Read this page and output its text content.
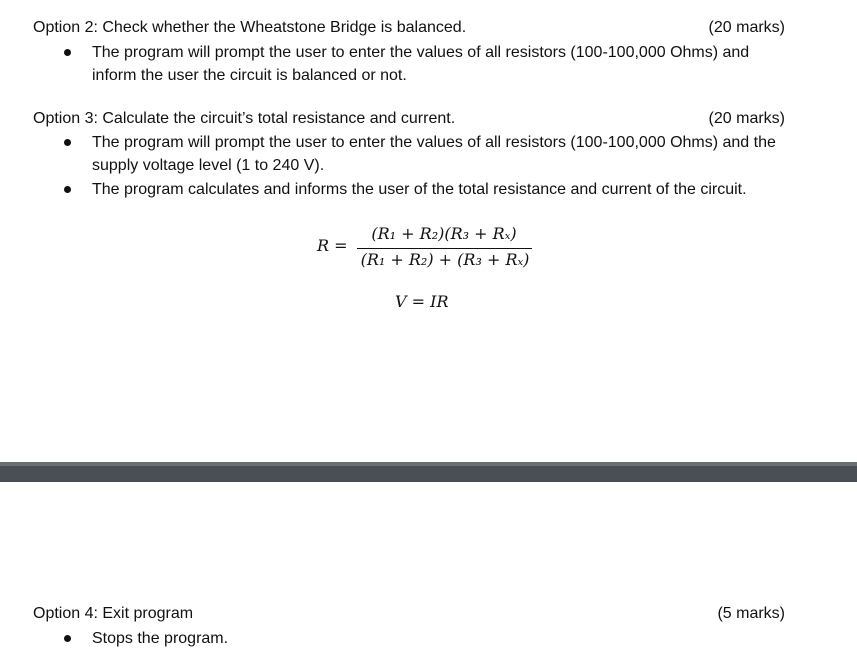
Option 2: Check whether the Wheatstone Bridge is balanced.	(20 marks)
The program will prompt the user to enter the values of all resistors (100-100,000 Ohms) and inform the user the circuit is balanced or not.
Option 3: Calculate the circuit’s total resistance and current.	(20 marks)
The program will prompt the user to enter the values of all resistors (100-100,000 Ohms) and the supply voltage level (1 to 240 V).
The program calculates and informs the user of the total resistance and current of the circuit.
R =
(R₁ + R₂)(R₃ + Rₓ)
(R₁ + R₂) + (R₃ + Rₓ)
V = IR
Option 4: Exit program	(5 marks)
Stops the program.
